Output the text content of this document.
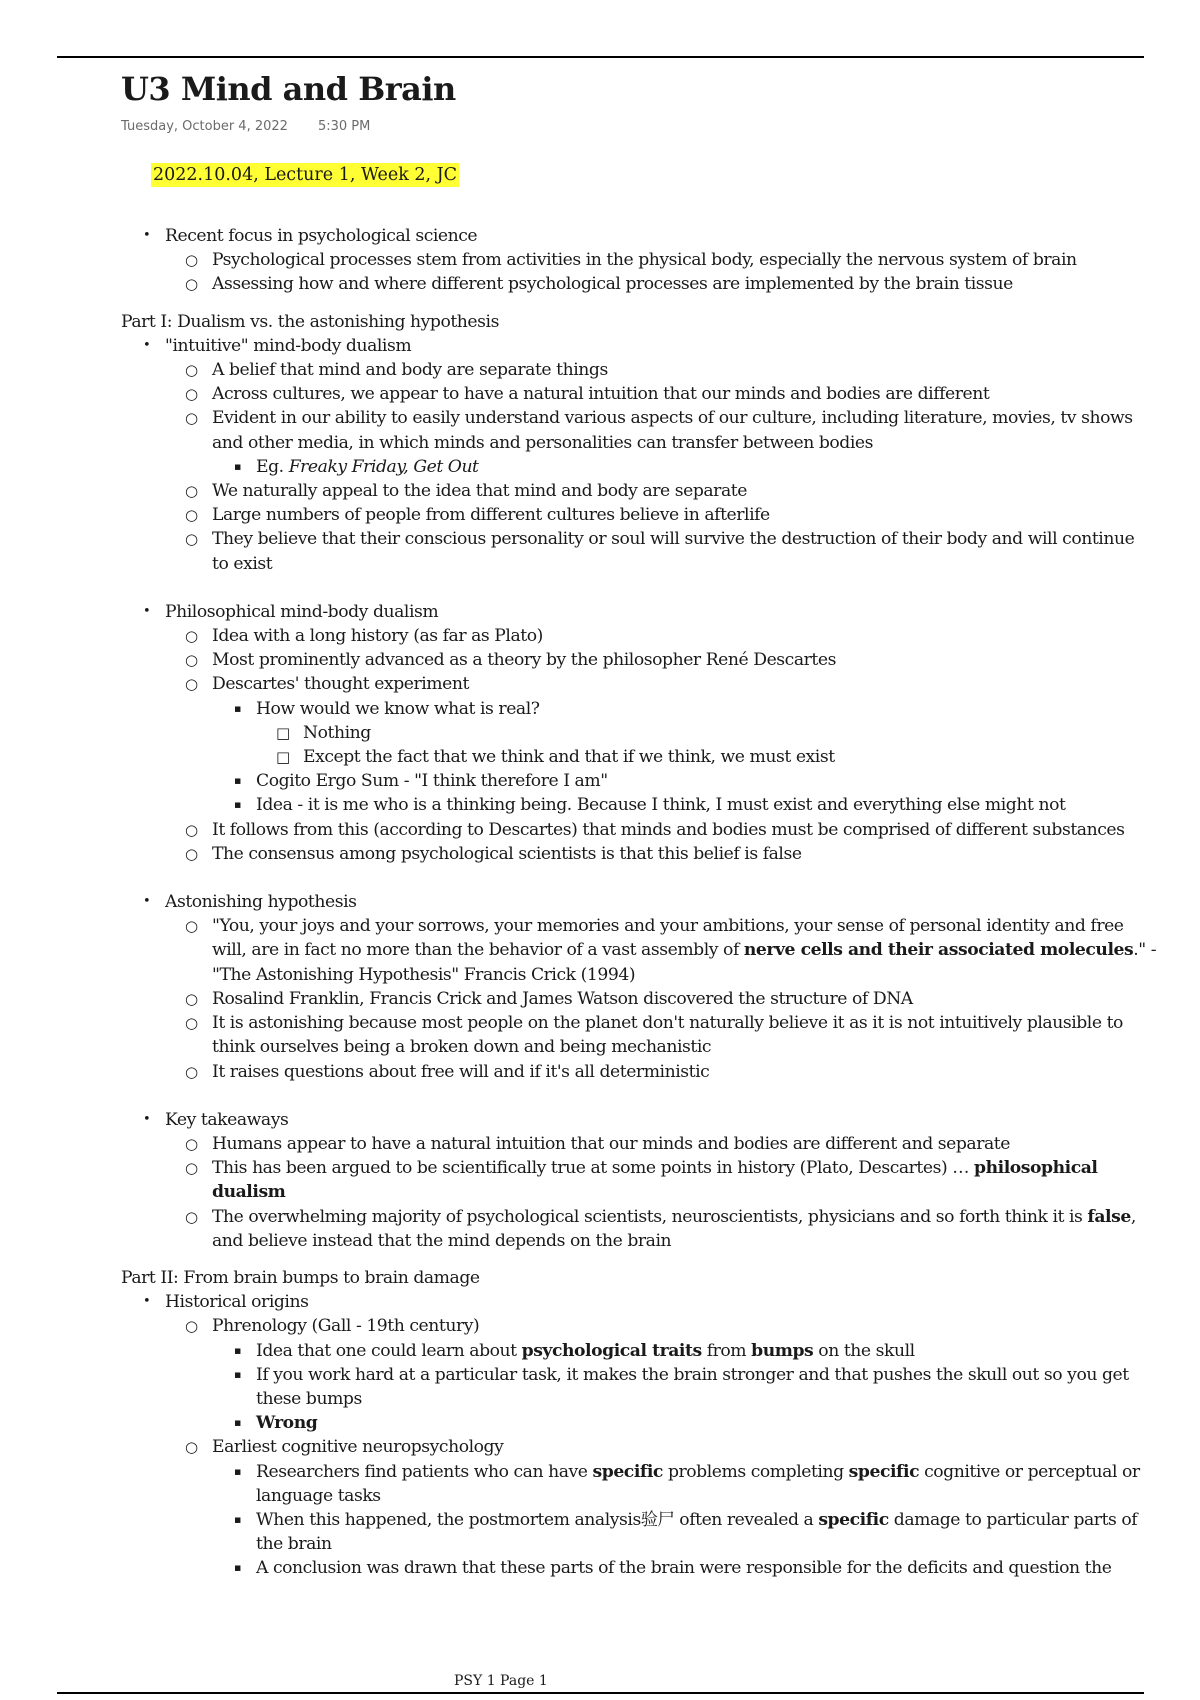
U3 Mind and Brain
Tuesday, October 4, 2022 5:30 PM
2022.10.04, Lecture 1, Week 2, JC
• Recent focus in psychological science
○ Psychological processes stem from activities in the physical body, especially the nervous system of brain
○ Assessing how and where different psychological processes are implemented by the brain tissue
Part I: Dualism vs. the astonishing hypothesis
• "intuitive" mind-body dualism
○ A belief that mind and body are separate things
○ Across cultures, we appear to have a natural intuition that our minds and bodies are different
○ Evident in our ability to easily understand various aspects of our culture, including literature, movies, tv shows
and other media, in which minds and personalities can transfer between bodies
▪ Eg. Freaky Friday, Get Out
○ We naturally appeal to the idea that mind and body are separate
○ Large numbers of people from different cultures believe in afterlife
○ They believe that their conscious personality or soul will survive the destruction of their body and will continue
to exist
• Philosophical mind-body dualism
○ Idea with a long history (as far as Plato)
○ Most prominently advanced as a theory by the philosopher René Descartes
○ Descartes' thought experiment
▪ How would we know what is real?
□ Nothing
□ Except the fact that we think and that if we think, we must exist
▪ Cogito Ergo Sum - "I think therefore I am"
▪ Idea - it is me who is a thinking being. Because I think, I must exist and everything else might not
○ It follows from this (according to Descartes) that minds and bodies must be comprised of different substances
○ The consensus among psychological scientists is that this belief is false
• Astonishing hypothesis
○ "You, your joys and your sorrows, your memories and your ambitions, your sense of personal identity and free
will, are in fact no more than the behavior of a vast assembly of nerve cells and their associated molecules." -
"The Astonishing Hypothesis" Francis Crick (1994)
○ Rosalind Franklin, Francis Crick and James Watson discovered the structure of DNA
○ It is astonishing because most people on the planet don't naturally believe it as it is not intuitively plausible to
think ourselves being a broken down and being mechanistic
○ It raises questions about free will and if it's all deterministic
• Key takeaways
○ Humans appear to have a natural intuition that our minds and bodies are different and separate
○ This has been argued to be scientifically true at some points in history (Plato, Descartes) … philosophical
dualism
○ The overwhelming majority of psychological scientists, neuroscientists, physicians and so forth think it is false,
and believe instead that the mind depends on the brain
Part II: From brain bumps to brain damage
• Historical origins
○ Phrenology (Gall - 19th century)
▪ Idea that one could learn about psychological traits from bumps on the skull
▪ If you work hard at a particular task, it makes the brain stronger and that pushes the skull out so you get
these bumps
▪ Wrong
○ Earliest cognitive neuropsychology
▪ Researchers find patients who can have specific problems completing specific cognitive or perceptual or
language tasks
▪ When this happened, the postmortem analysis验尸 often revealed a specific damage to particular parts of
the brain
▪ A conclusion was drawn that these parts of the brain were responsible for the deficits and question the
PSY 1 Page 1
